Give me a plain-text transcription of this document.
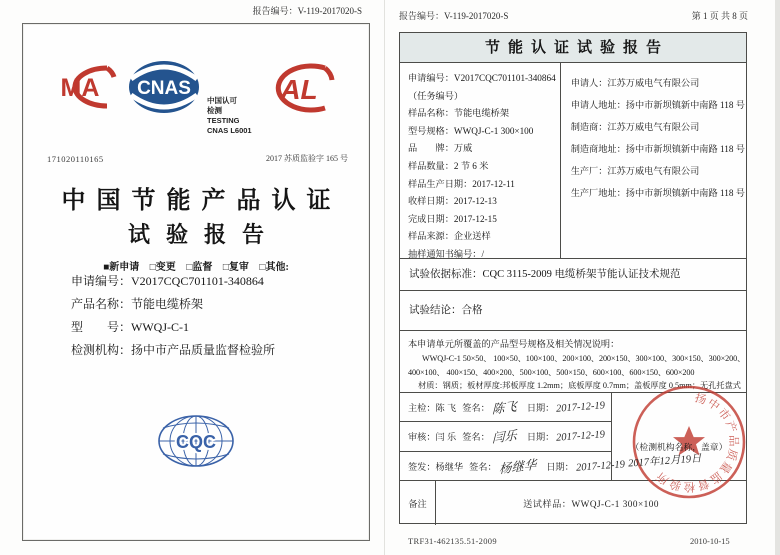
报告编号：V-119-2017020-S
MA
171020110165
CNAS
中国认可
检测
TESTING
CNAS L6001
AL
2017 苏质监验字 165 号
中国节能产品认证
试验报告
■新申请 □变更 □监督 □复审 □其他:
申请编号：V2017CQC701101-340864
产品名称：节能电缆桥架
型　　号：WWQJ-C-1
检测机构：扬中市产品质量监督检验所
CQC
报告编号：V-119-2017020-S	第 1 页 共 8 页
节能认证试验报告
申请编号：V2017CQC701101-340864
（任务编号）
样品名称：节能电缆桥架
型号规格：WWQJ-C-1 300×100
品　　牌：万威
样品数量：2 节 6 米
样品生产日期：2017-12-11
收样日期：2017-12-13
完成日期：2017-12-15
样品来源：企业送样
抽样通知书编号：/
申请人：江苏万威电气有限公司
申请人地址：扬中市新坝镇新中南路 118 号
制造商：江苏万威电气有限公司
制造商地址：扬中市新坝镇新中南路 118 号
生产厂：江苏万威电气有限公司
生产厂地址：扬中市新坝镇新中南路 118 号
试验依据标准：CQC 3115-2009 电缆桥架节能认证技术规范
试验结论：合格
本申请单元所覆盖的产品型号规格及相关情况说明：
WWQJ-C-1 50×50、 100×50、100×100、200×100、200×150、300×100、300×150、300×200、
400×100、 400×150、400×200、500×100、500×150、600×100、600×150、600×200
材质：钢质；板材厚度:邦板厚度 1.2mm；底板厚度 0.7mm；盖板厚度 0.5mm；无孔托盘式
主检：陈 飞 签名： 陈飞 日期： 2017-12-19
审核：闫 乐 签名： 闫乐 日期： 2017-12-19
签发：杨继华 签名： 杨继华 日期： 2017-12-19
扬中市产品质量监督检验所
（检测机构名称，盖章）
2017年12月19日
备注	送试样品：WWQJ-C-1 300×100
TRF31-462135.51-2009	2010-10-15
